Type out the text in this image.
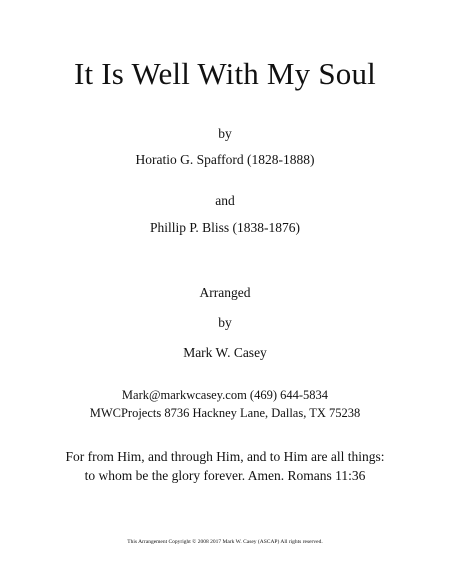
It Is Well With My Soul
by
Horatio G. Spafford (1828-1888)
and
Phillip P. Bliss (1838-1876)
Arranged
by
Mark W. Casey
Mark@markwcasey.com (469) 644-5834
MWCProjects 8736 Hackney Lane, Dallas, TX 75238
For from Him, and through Him, and to Him are all things:
to whom be the glory forever. Amen. Romans 11:36
This Arrangement Copyright © 2008 2017 Mark W. Casey (ASCAP) All rights reserved.
